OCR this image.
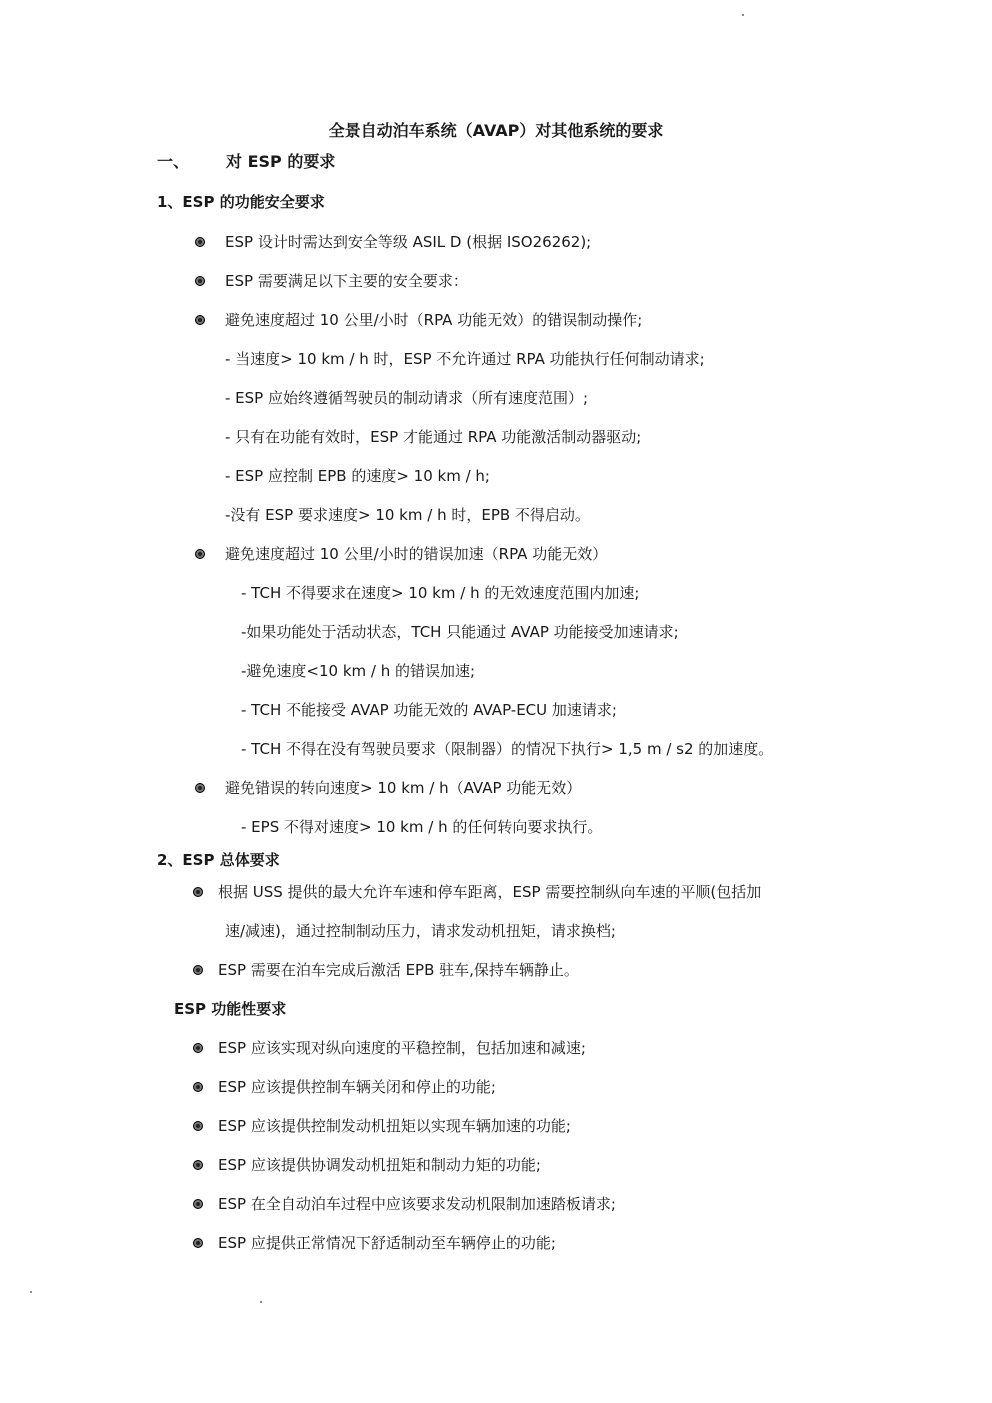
全景自动泊车系统（AVAP）对其他系统的要求
一、 对 ESP 的要求
1、ESP 的功能安全要求
ESP 设计时需达到安全等级 ASIL D (根据 ISO26262);
ESP 需要满足以下主要的安全要求：
避免速度超过 10 公里/小时（RPA 功能无效）的错误制动操作;
- 当速度> 10 km / h 时，ESP 不允许通过 RPA 功能执行任何制动请求;
- ESP 应始终遵循驾驶员的制动请求（所有速度范围）;
- 只有在功能有效时，ESP 才能通过 RPA 功能激活制动器驱动;
- ESP 应控制 EPB 的速度> 10 km / h;
-没有 ESP 要求速度> 10 km / h 时，EPB 不得启动。
避免速度超过 10 公里/小时的错误加速（RPA 功能无效）
- TCH 不得要求在速度> 10 km / h 的无效速度范围内加速;
-如果功能处于活动状态，TCH 只能通过 AVAP 功能接受加速请求;
-避免速度<10 km / h 的错误加速;
- TCH 不能接受 AVAP 功能无效的 AVAP-ECU 加速请求;
- TCH 不得在没有驾驶员要求（限制器）的情况下执行> 1,5 m / s2 的加速度。
避免错误的转向速度> 10 km / h（AVAP 功能无效）
- EPS 不得对速度> 10 km / h 的任何转向要求执行。
2、ESP 总体要求
根据 USS 提供的最大允许车速和停车距离，ESP 需要控制纵向车速的平顺(包括加
速/减速)，通过控制制动压力，请求发动机扭矩，请求换档;
ESP 需要在泊车完成后激活 EPB 驻车,保持车辆静止。
ESP 功能性要求
ESP 应该实现对纵向速度的平稳控制，包括加速和减速;
ESP 应该提供控制车辆关闭和停止的功能;
ESP 应该提供控制发动机扭矩以实现车辆加速的功能;
ESP 应该提供协调发动机扭矩和制动力矩的功能;
ESP 在全自动泊车过程中应该要求发动机限制加速踏板请求;
ESP 应提供正常情况下舒适制动至车辆停止的功能;
